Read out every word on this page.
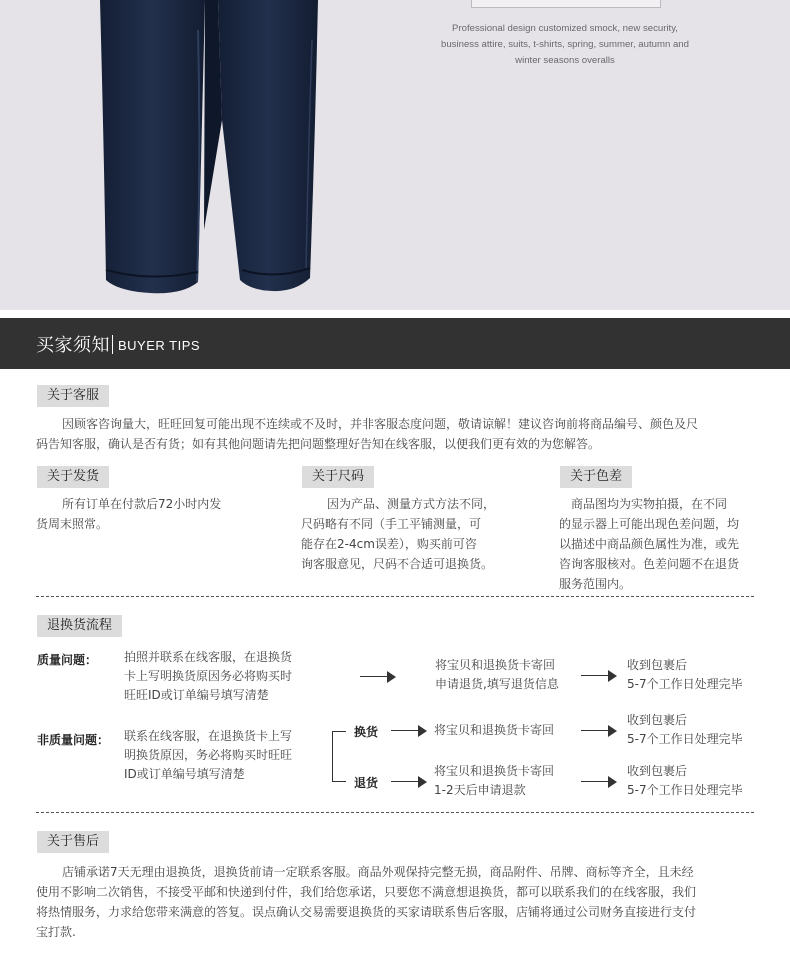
Professional design customized smock, new security,
business attire, suits, t-shirts, spring, summer, autumn and
winter seasons overalls
买家须知 BUYER TIPS
关于客服
因顾客咨询量大，旺旺回复可能出现不连续或不及时，并非客服态度问题，敬请谅解！建议咨询前将商品编号、颜色及尺
码告知客服，确认是否有货；如有其他问题请先把问题整理好告知在线客服，以便我们更有效的为您解答。
关于发货
所有订单在付款后72小时内发
货周末照常。
关于尺码
因为产品、测量方式方法不同，
尺码略有不同（手工平铺测量，可
能存在2-4cm误差），购买前可咨
询客服意见，尺码不合适可退换货。
关于色差
商品图均为实物拍摄，在不同
的显示器上可能出现色差问题，均
以描述中商品颜色属性为准，或先
咨询客服核对。色差问题不在退货
服务范围内。
退换货流程
质量问题： 拍照并联系在线客服，在退换货
卡上写明换货原因务必将购买时
旺旺ID或订单编号填写清楚
将宝贝和退换货卡寄回
申请退货,填写退货信息
收到包裹后
5-7个工作日处理完毕
非质量问题： 联系在线客服，在退换货卡上写
明换货原因，务必将购买时旺旺
ID或订单编号填写清楚
换货	将宝贝和退换货卡寄回
收到包裹后
5-7个工作日处理完毕
退货
将宝贝和退换货卡寄回
1-2天后申请退款
收到包裹后
5-7个工作日处理完毕
关于售后
店铺承诺7天无理由退换货，退换货前请一定联系客服。商品外观保持完整无损，商品附件、吊牌、商标等齐全，且未经
使用不影响二次销售，不接受平邮和快递到付件，我们给您承诺，只要您不满意想退换货，都可以联系我们的在线客服，我们
将热情服务，力求给您带来满意的答复。误点确认交易需要退换货的买家请联系售后客服，店铺将通过公司财务直接进行支付
宝打款.
